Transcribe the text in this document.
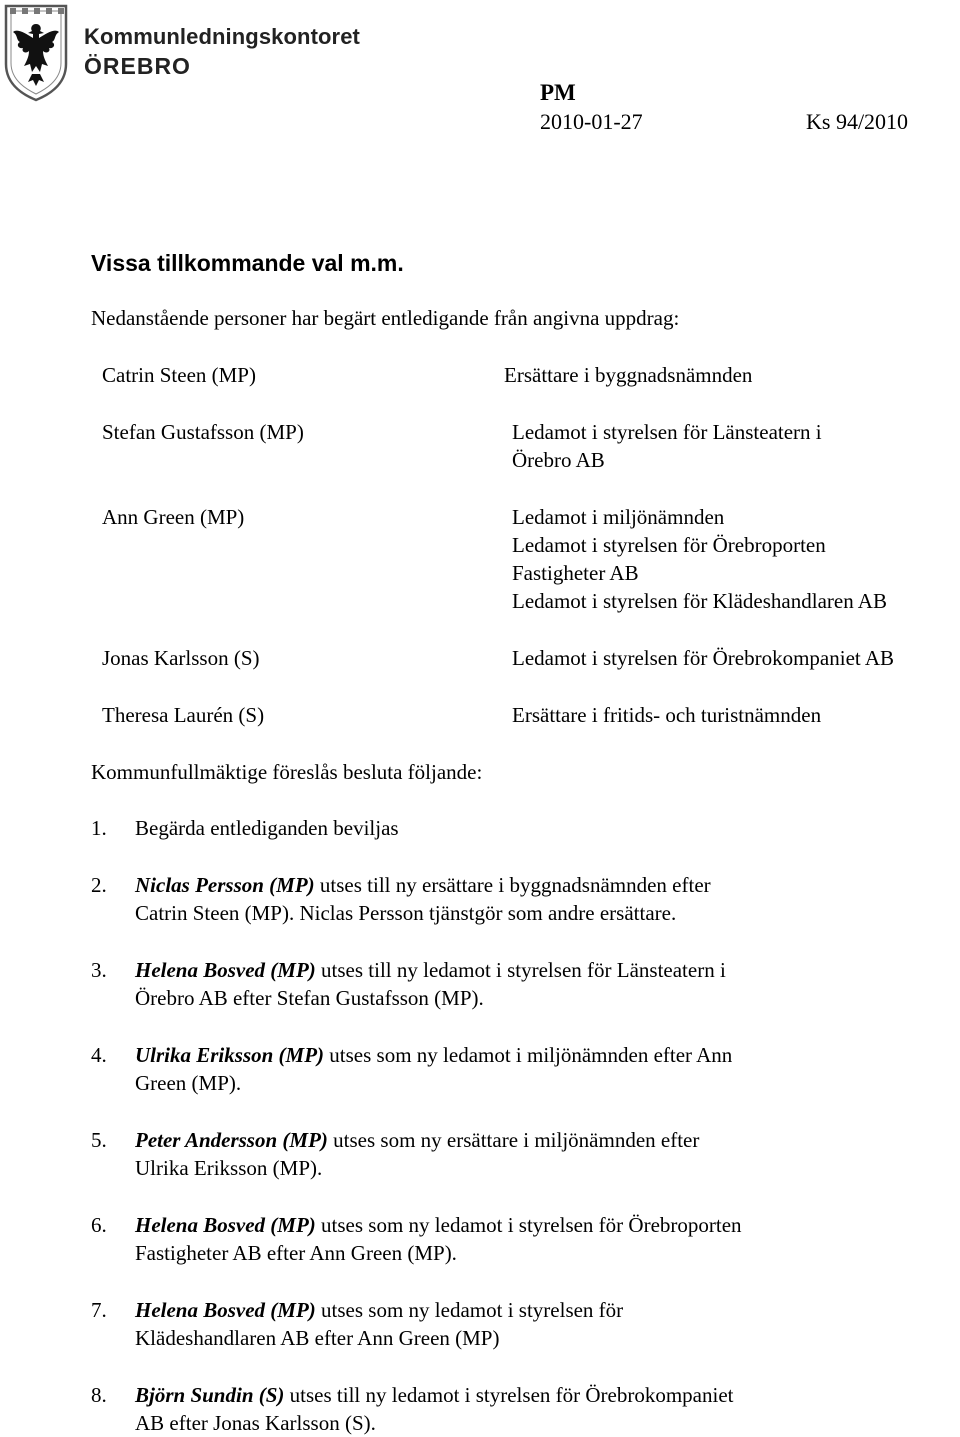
Kommunledningskontoret
ÖREBRO
PM
2010-01-27	Ks 94/2010
Vissa tillkommande val m.m.
Nedanstående personer har begärt entledigande från angivna uppdrag:
Catrin Steen (MP)
Stefan Gustafsson (MP)
Ann Green (MP)
Jonas Karlsson (S)
Theresa Laurén (S)
Ersättare i byggnadsnämnden
Ledamot i styrelsen för Länsteatern i
Örebro AB
Ledamot i miljönämnden
Ledamot i styrelsen för Örebroporten
Fastigheter AB
Ledamot i styrelsen för Klädeshandlaren AB
Ledamot i styrelsen för Örebrokompaniet AB
Ersättare i fritids- och turistnämnden
Kommunfullmäktige föreslås besluta följande:
1. Begärda entlediganden beviljas
2. Niclas Persson (MP) utses till ny ersättare i byggnadsnämnden efter
Catrin Steen (MP). Niclas Persson tjänstgör som andre ersättare.
3. Helena Bosved (MP) utses till ny ledamot i styrelsen för Länsteatern i
Örebro AB efter Stefan Gustafsson (MP).
4. Ulrika Eriksson (MP) utses som ny ledamot i miljönämnden efter Ann
Green (MP).
5. Peter Andersson (MP) utses som ny ersättare i miljönämnden efter
Ulrika Eriksson (MP).
6. Helena Bosved (MP) utses som ny ledamot i styrelsen för Örebroporten
Fastigheter AB efter Ann Green (MP).
7. Helena Bosved (MP) utses som ny ledamot i styrelsen för
Klädeshandlaren AB efter Ann Green (MP)
8. Björn Sundin (S) utses till ny ledamot i styrelsen för Örebrokompaniet
AB efter Jonas Karlsson (S).
